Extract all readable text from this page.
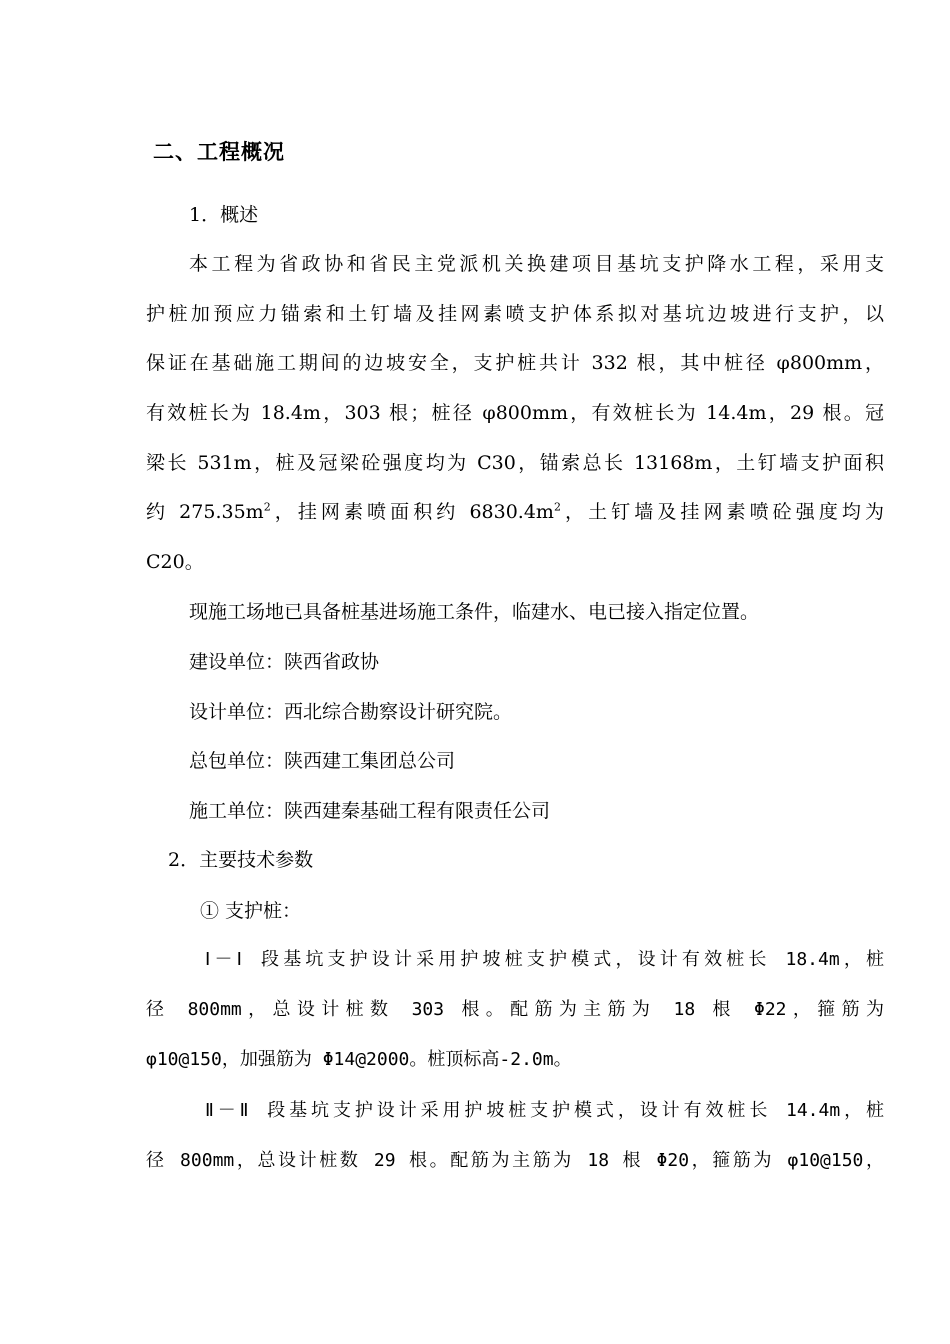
二、工程概况
1．概述
本工程为省政协和省民主党派机关换建项目基坑支护降水工程，采用支
护桩加预应力锚索和土钉墙及挂网素喷支护体系拟对基坑边坡进行支护，以
保证在基础施工期间的边坡安全，支护桩共计 332 根，其中桩径 φ800mm，
有效桩长为 18.4m，303 根；桩径 φ800mm，有效桩长为 14.4m，29 根。冠
梁长 531m，桩及冠梁砼强度均为 C30，锚索总长 13168m，土钉墙支护面积
约 $275.35m^2$，挂网素喷面积约 $6830.4m^2$，土钉墙及挂网素喷砼强度均为
C20。
现施工场地已具备桩基进场施工条件，临建水、电已接入指定位置。
建设单位：陕西省政协
设计单位：西北综合勘察设计研究院。
总包单位：陕西建工集团总公司
施工单位：陕西建秦基础工程有限责任公司
2．主要技术参数
① 支护桩：
Ⅰ－Ⅰ 段基坑支护设计采用护坡桩支护模式，设计有效桩长 18.4m，桩
径 800mm，总设计桩数 303 根。配筋为主筋为 18 根 Φ22，箍筋为
φ10@150，加强筋为 Φ14@2000。桩顶标高-2.0m。
Ⅱ－Ⅱ 段基坑支护设计采用护坡桩支护模式，设计有效桩长 14.4m，桩
径 800mm，总设计桩数 29 根。配筋为主筋为 18 根 Φ20，箍筋为 φ10@150，
